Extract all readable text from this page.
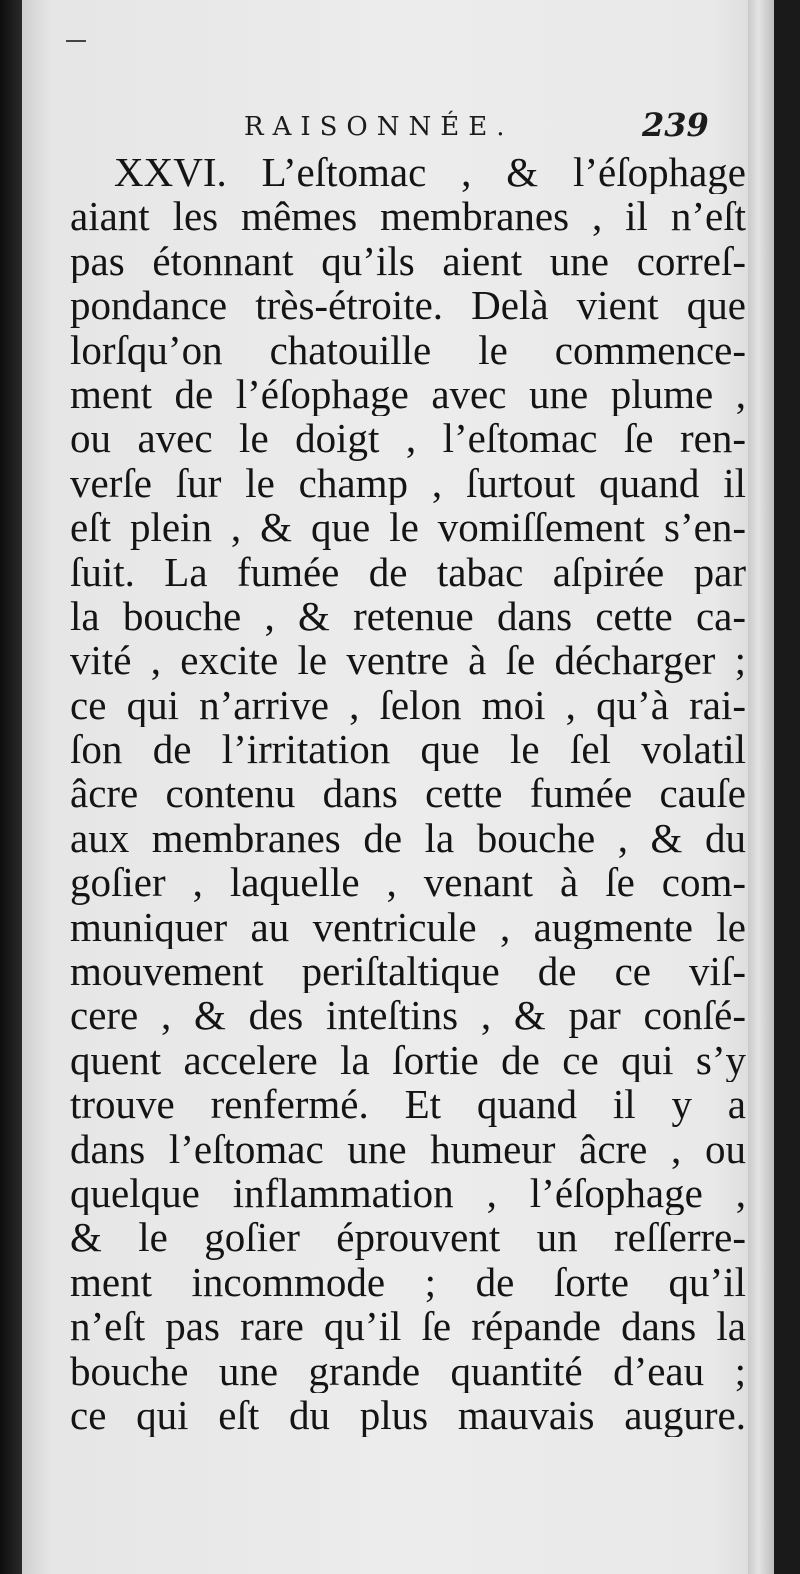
RAISONNÉE.	239
XXVI. L’eſtomac , & l’éſophage
aiant les mêmes membranes , il n’eſt
pas étonnant qu’ils aient une correſ-
pondance très-étroite. Delà vient que
lorſqu’on chatouille le commence-
ment de l’éſophage avec une plume ,
ou avec le doigt , l’eſtomac ſe ren-
verſe ſur le champ , ſurtout quand il
eſt plein , & que le vomiſſement s’en-
ſuit. La fumée de tabac aſpirée par
la bouche , & retenue dans cette ca-
vité , excite le ventre à ſe décharger ;
ce qui n’arrive , ſelon moi , qu’à rai-
ſon de l’irritation que le ſel volatil
âcre contenu dans cette fumée cauſe
aux membranes de la bouche , & du
goſier , laquelle , venant à ſe com-
muniquer au ventricule , augmente le
mouvement periſtaltique de ce viſ-
cere , & des inteſtins , & par conſé-
quent accelere la ſortie de ce qui s’y
trouve renfermé. Et quand il y a
dans l’eſtomac une humeur âcre , ou
quelque inflammation , l’éſophage ,
& le goſier éprouvent un reſſerre-
ment incommode ; de ſorte qu’il
n’eſt pas rare qu’il ſe répande dans la
bouche une grande quantité d’eau ;
ce qui eſt du plus mauvais augure.
